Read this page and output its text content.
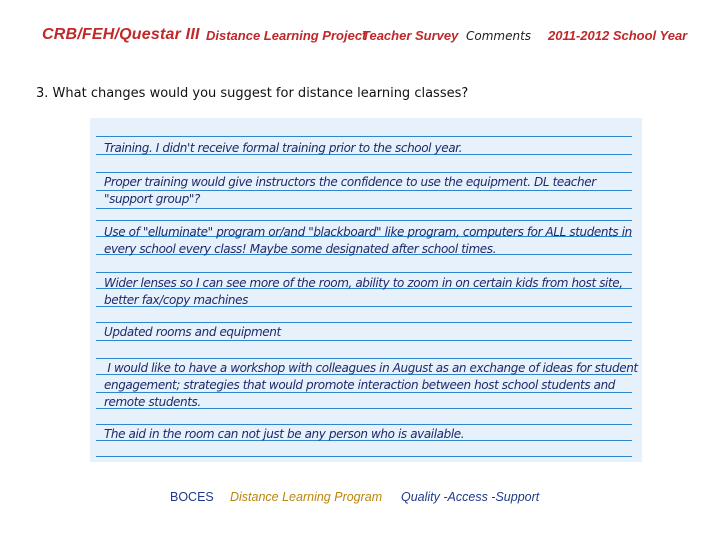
CRB/FEH/Questar III Distance Learning Project
Teacher Survey Comments 2011-2012 School Year
3. What changes would you suggest for distance learning classes?
Training. I didn't receive formal training prior to the school year.
Proper training would give instructors the confidence to use the equipment. DL teacher "support group"?
Use of "elluminate" program or/and "blackboard" like program, computers for ALL students in every school every class! Maybe some designated after school times.
Wider lenses so I can see more of the room, ability to zoom in on certain kids from host site, better fax/copy machines
Updated rooms and equipment
I would like to have a workshop with colleagues in August as an exchange of ideas for student engagement; strategies that would promote interaction between host school students and remote students.
The aid in the room can not just be any person who is available.
BOCES Distance Learning Program Quality -Access -Support
